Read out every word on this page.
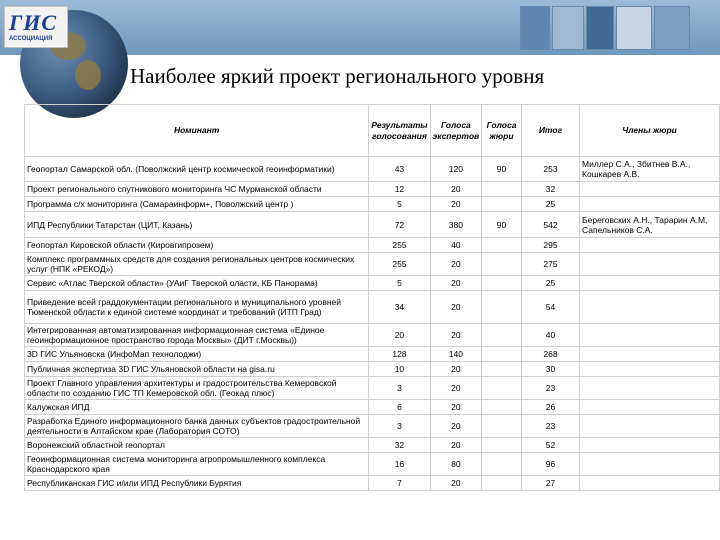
ГИС
АССОЦИАЦИЯ
Наиболее яркий проект регионального уровня
Номинант	Результаты голосования	Голоса экспертов	Голоса жюри	Итог	Члены жюри
Геопортал Самарской обл. (Поволжский центр космической геоинформатики)	43	120	90	253	Миллер С.А., Збитнев В.А., Кошкарев А.В.
Проект регионального спутникового мониторинга ЧС Мурманской области	12	20		32	
Программа с/х мониторинга (Самараинформ+, Поволжский центр )	5	20		25	
ИПД Республики Татарстан (ЦИТ, Казань)	72	380	90	542	Береговских А.Н., Тарарин А.М, Сапельников С.А.
Геопортал Кировской области (Кировгипрозем)	255	40		295	
Комплекс программных средств для создания региональных центров космических услуг (НПК «РЕКОД»)	255	20		275	
Сервис «Атлас Тверской области» (УАиГ Тверской оласти, КБ Панорама)	5	20		25	
Приведение всей граддокументации регионального и муниципального уровней Тюменской области к единой системе координат и требований (ИТП Град)	34	20		54	
Интегрированная автоматизированная информационная система «Единое геоинформационное пространство города Москвы» (ДИТ г.Москвы))	20	20		40	
3D ГИС Ульяновска (ИнфоМап технолоджи)	128	140		268	
Публичная экспертиза 3D ГИС Ульяновской области на gisa.ru	10	20		30	
Проект Главного управления архитектуры и градостроительства Кемеровской области по созданию ГИС ТП Кемеровской обл. (Геокад плюс)	3	20		23	
Калужская ИПД	6	20		26	
Разработка Единого информационного банка данных субъектов градостроительной деятельности в Алтайском крае (Лаборатория СОТО)	3	20		23	
Воронежский областной геопортал	32	20		52	
Геоинформационная система мониторинга агропромышленного комплекса Краснодарского края	16	80		96	
Республиканская ГИС и/или ИПД Республики Бурятия	7	20		27	
